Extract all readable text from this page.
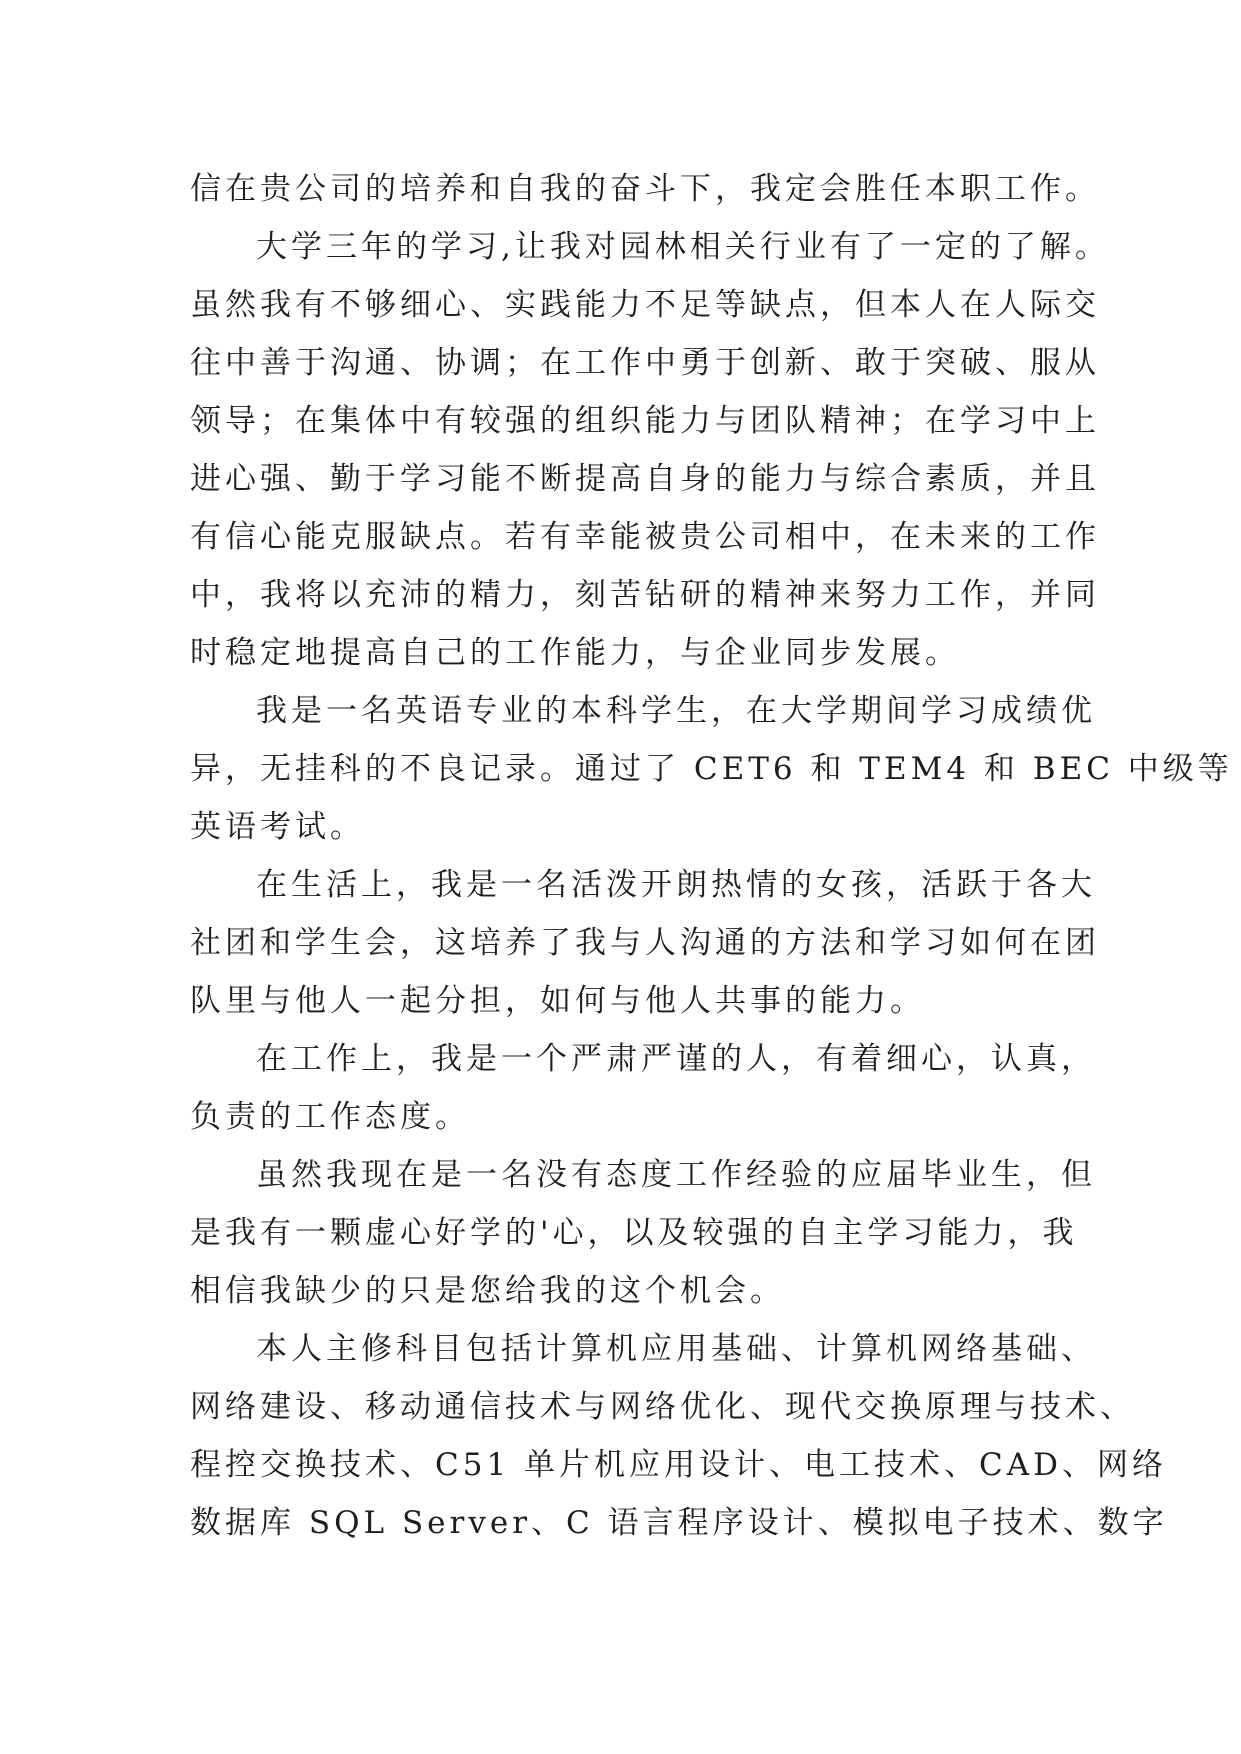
信在贵公司的培养和自我的奋斗下，我定会胜任本职工作。
大学三年的学习,让我对园林相关行业有了一定的了解。
虽然我有不够细心、实践能力不足等缺点，但本人在人际交
往中善于沟通、协调；在工作中勇于创新、敢于突破、服从
领导；在集体中有较强的组织能力与团队精神；在学习中上
进心强、勤于学习能不断提高自身的能力与综合素质，并且
有信心能克服缺点。若有幸能被贵公司相中，在未来的工作
中，我将以充沛的精力，刻苦钻研的精神来努力工作，并同
时稳定地提高自己的工作能力，与企业同步发展。
我是一名英语专业的本科学生，在大学期间学习成绩优
异，无挂科的不良记录。通过了 CET6 和 TEM4 和 BEC 中级等
英语考试。
在生活上，我是一名活泼开朗热情的女孩，活跃于各大
社团和学生会，这培养了我与人沟通的方法和学习如何在团
队里与他人一起分担，如何与他人共事的能力。
在工作上，我是一个严肃严谨的人，有着细心，认真，
负责的工作态度。
虽然我现在是一名没有态度工作经验的应届毕业生，但
是我有一颗虚心好学的'心，以及较强的自主学习能力，我
相信我缺少的只是您给我的这个机会。
本人主修科目包括计算机应用基础、计算机网络基础、
网络建设、移动通信技术与网络优化、现代交换原理与技术、
程控交换技术、C51 单片机应用设计、电工技术、CAD、网络
数据库 SQL Server、C 语言程序设计、模拟电子技术、数字
